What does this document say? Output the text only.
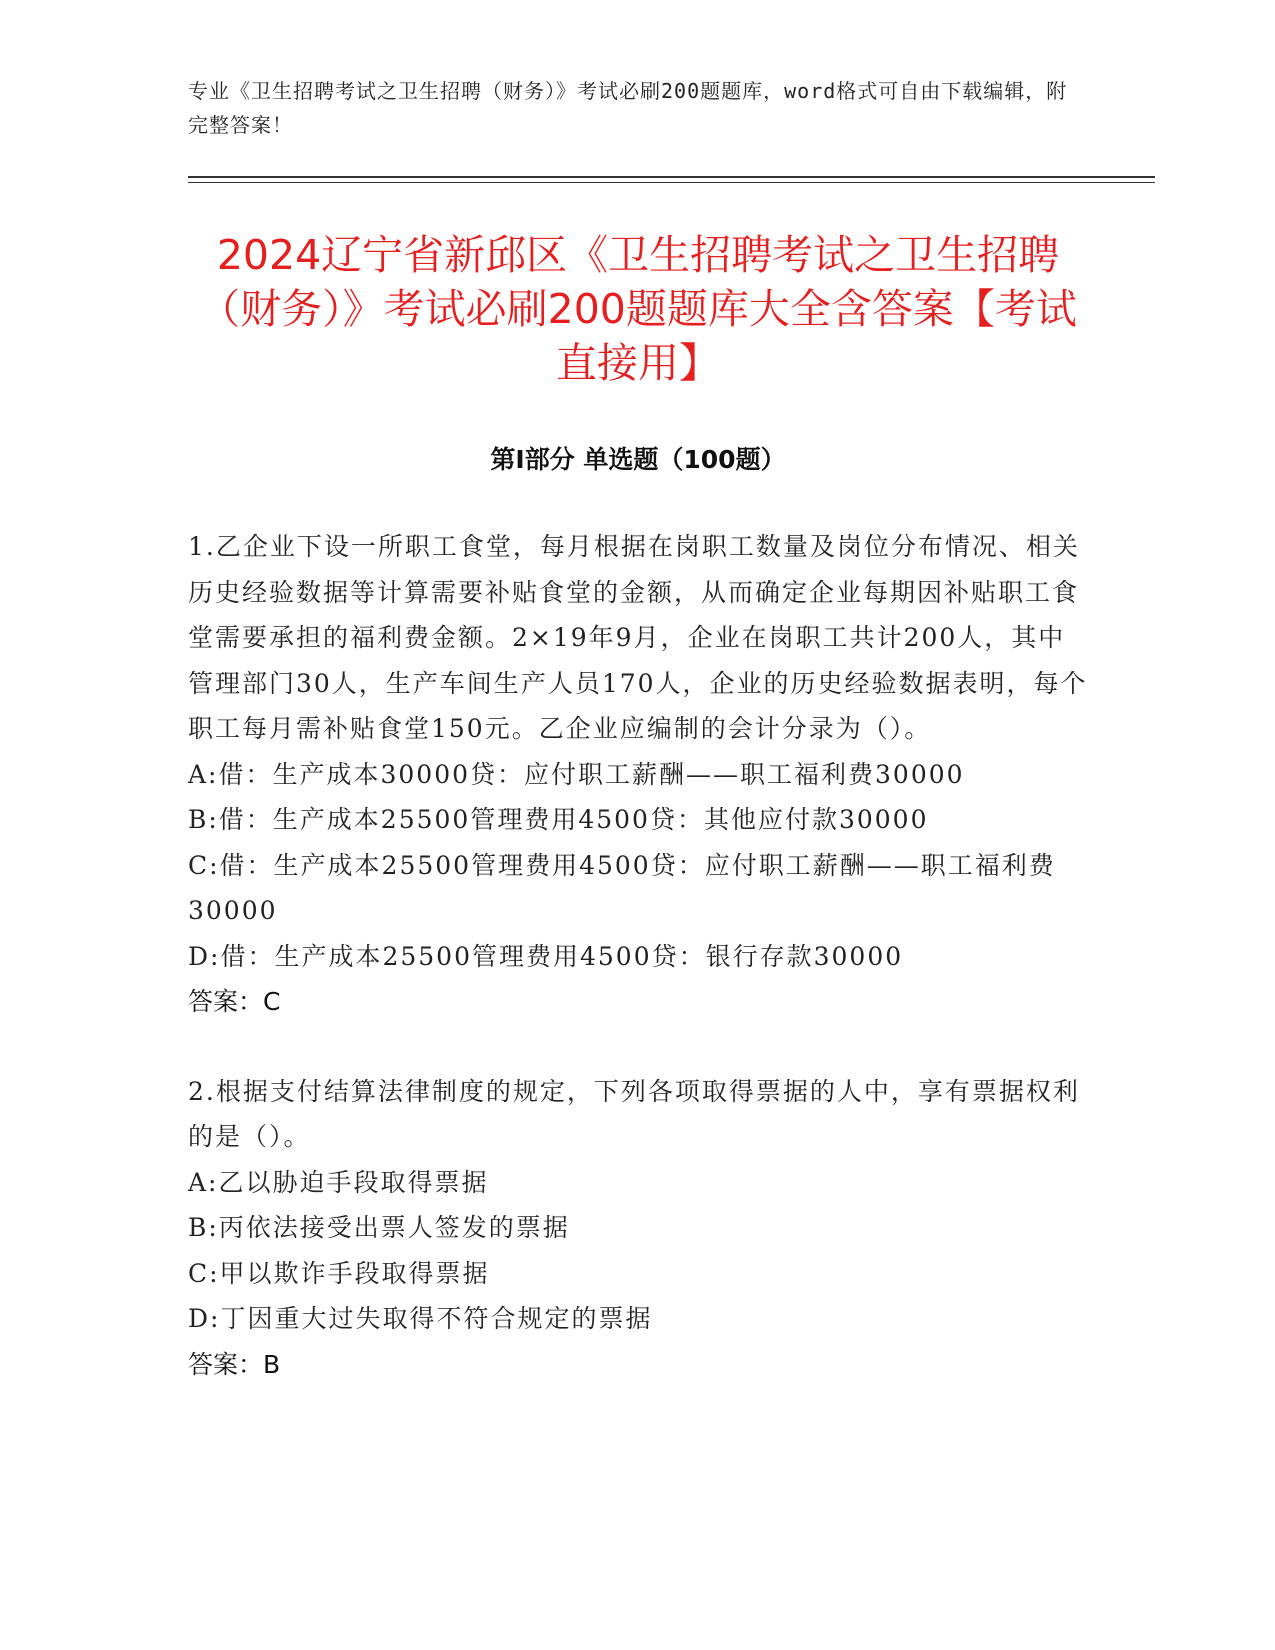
专业《卫生招聘考试之卫生招聘（财务）》考试必刷200题题库，word格式可自由下载编辑，附完整答案！
2024辽宁省新邱区《卫生招聘考试之卫生招聘（财务）》考试必刷200题题库大全含答案【考试直接用】
第Ⅰ部分 单选题（100题）
1.乙企业下设一所职工食堂，每月根据在岗职工数量及岗位分布情况、相关历史经验数据等计算需要补贴食堂的金额，从而确定企业每期因补贴职工食堂需要承担的福利费金额。2×19年9月，企业在岗职工共计200人，其中管理部门30人，生产车间生产人员170人，企业的历史经验数据表明，每个职工每月需补贴食堂150元。乙企业应编制的会计分录为（）。
A:借：生产成本30000贷：应付职工薪酬——职工福利费30000
B:借：生产成本25500管理费用4500贷：其他应付款30000
C:借：生产成本25500管理费用4500贷：应付职工薪酬——职工福利费30000
D:借：生产成本25500管理费用4500贷：银行存款30000
答案：C
2.根据支付结算法律制度的规定，下列各项取得票据的人中，享有票据权利的是（）。
A:乙以胁迫手段取得票据
B:丙依法接受出票人签发的票据
C:甲以欺诈手段取得票据
D:丁因重大过失取得不符合规定的票据
答案：B
